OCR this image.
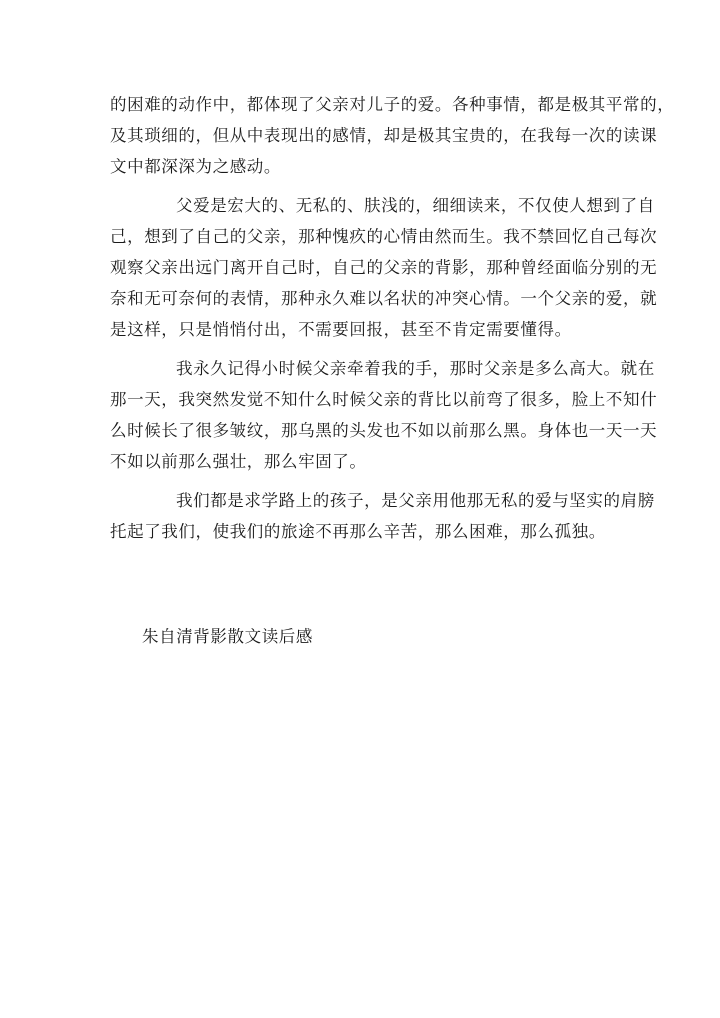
的困难的动作中，都体现了父亲对儿子的爱。各种事情，都是极其平常的，
及其琐细的，但从中表现出的感情，却是极其宝贵的，在我每一次的读课
文中都深深为之感动。
父爱是宏大的、无私的、肤浅的，细细读来，不仅使人想到了自
己，想到了自己的父亲，那种愧疚的心情由然而生。我不禁回忆自己每次
观察父亲出远门离开自己时，自己的父亲的背影，那种曾经面临分别的无
奈和无可奈何的表情，那种永久难以名状的冲突心情。一个父亲的爱，就
是这样，只是悄悄付出，不需要回报，甚至不肯定需要懂得。
我永久记得小时候父亲牵着我的手，那时父亲是多么高大。就在
那一天，我突然发觉不知什么时候父亲的背比以前弯了很多，脸上不知什
么时候长了很多皱纹，那乌黑的头发也不如以前那么黑。身体也一天一天
不如以前那么强壮，那么牢固了。
我们都是求学路上的孩子，是父亲用他那无私的爱与坚实的肩膀
托起了我们，使我们的旅途不再那么辛苦，那么困难，那么孤独。
朱自清背影散文读后感
